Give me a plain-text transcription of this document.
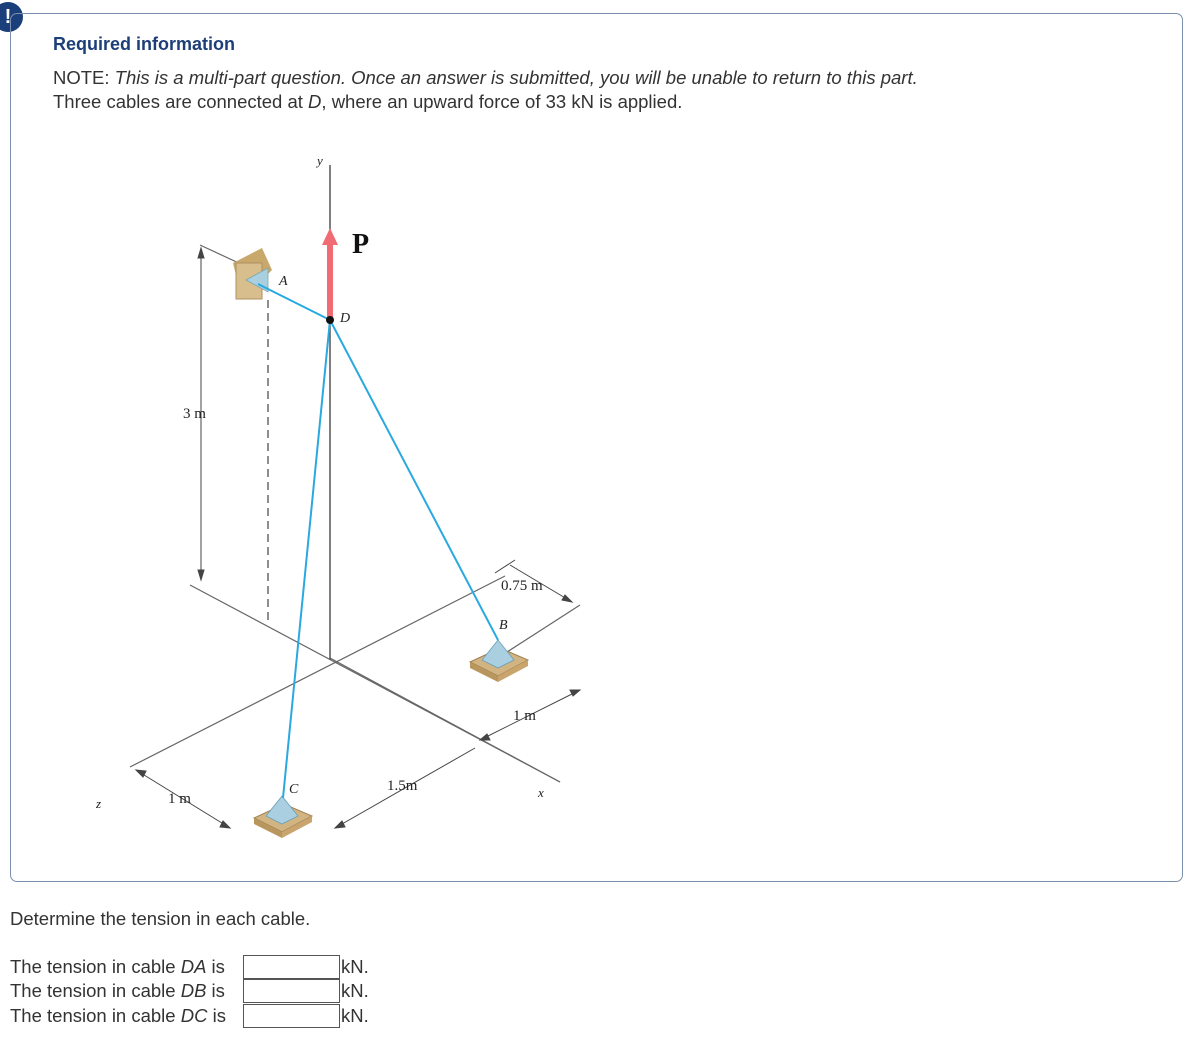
!
Required information
NOTE: This is a multi-part question. Once an answer is submitted, you will be unable to return to this part.
Three cables are connected at D, where an upward force of 33 kN is applied.
P
A
D
B
C
y
x
z
3 m
0.75 m
1 m
1.5m
1 m
Determine the tension in each cable.
The tension in cable DA is	kN.
The tension in cable DB is	kN.
The tension in cable DC is	kN.
